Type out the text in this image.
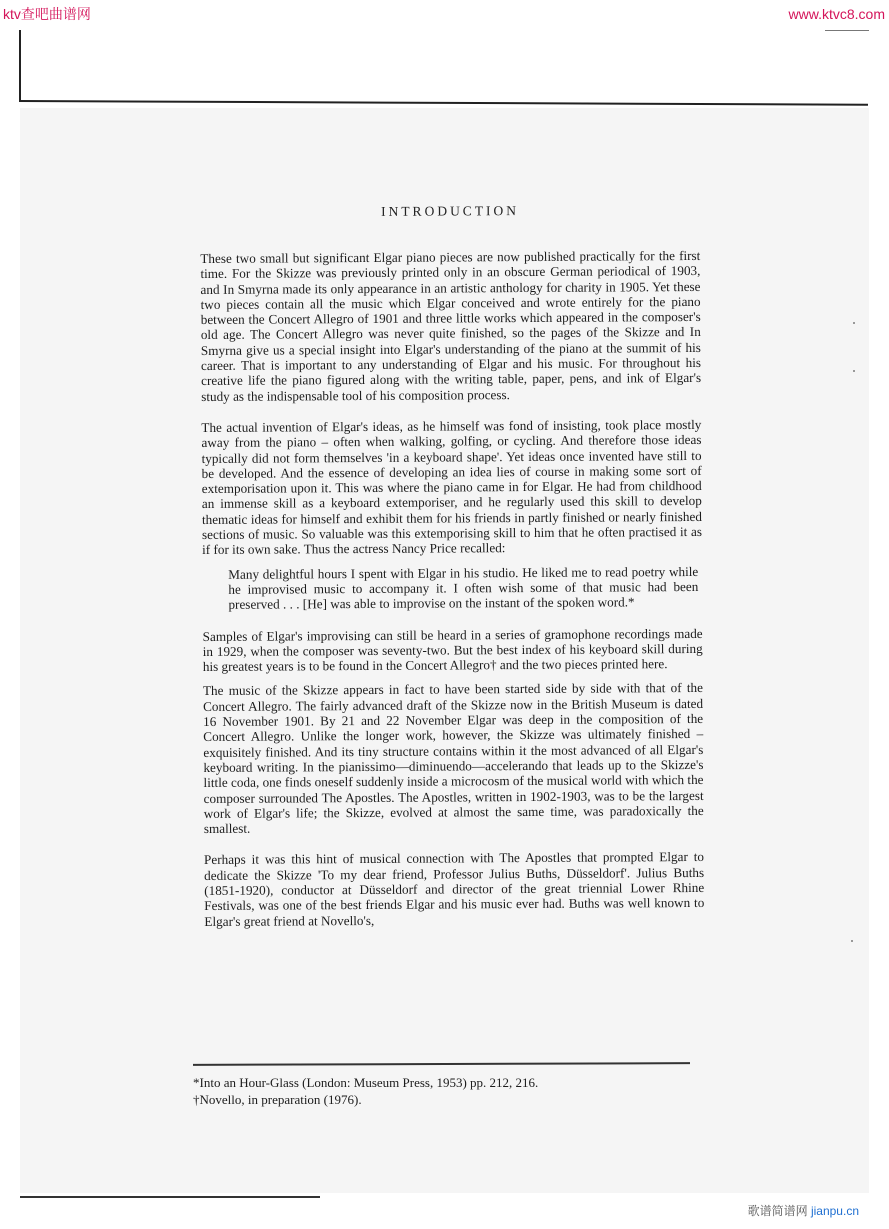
ktv查吧曲谱网	www.ktvc8.com

INTRODUCTION

These two small but significant Elgar piano pieces are now published practically for the first time. For the Skizze was previously printed only in an obscure German periodical of 1903, and In Smyrna made its only appearance in an artistic anthology for charity in 1905. Yet these two pieces contain all the music which Elgar conceived and wrote entirely for the piano between the Concert Allegro of 1901 and three little works which appeared in the composer's old age. The Concert Allegro was never quite finished, so the pages of the Skizze and In Smyrna give us a special insight into Elgar's understanding of the piano at the summit of his career. That is important to any understanding of Elgar and his music. For throughout his creative life the piano figured along with the writing table, paper, pens, and ink of Elgar's study as the indispensable tool of his composition process.

The actual invention of Elgar's ideas, as he himself was fond of insisting, took place mostly away from the piano – often when walking, golfing, or cycling. And therefore those ideas typically did not form themselves 'in a keyboard shape'. Yet ideas once invented have still to be developed. And the essence of developing an idea lies of course in making some sort of extemporisation upon it. This was where the piano came in for Elgar. He had from childhood an immense skill as a keyboard extemporiser, and he regularly used this skill to develop thematic ideas for himself and exhibit them for his friends in partly finished or nearly finished sections of music. So valuable was this extemporising skill to him that he often practised it as if for its own sake. Thus the actress Nancy Price recalled:

Many delightful hours I spent with Elgar in his studio. He liked me to read poetry while he improvised music to accompany it. I often wish some of that music had been preserved . . . [He] was able to improvise on the instant of the spoken word.*

Samples of Elgar's improvising can still be heard in a series of gramophone recordings made in 1929, when the composer was seventy-two. But the best index of his keyboard skill during his greatest years is to be found in the Concert Allegro† and the two pieces printed here.

The music of the Skizze appears in fact to have been started side by side with that of the Concert Allegro. The fairly advanced draft of the Skizze now in the British Museum is dated 16 November 1901. By 21 and 22 November Elgar was deep in the composition of the Concert Allegro. Unlike the longer work, however, the Skizze was ultimately finished – exquisitely finished. And its tiny structure contains within it the most advanced of all Elgar's keyboard writing. In the pianissimo—diminuendo—accelerando that leads up to the Skizze's little coda, one finds oneself suddenly inside a microcosm of the musical world with which the composer surrounded The Apostles. The Apostles, written in 1902-1903, was to be the largest work of Elgar's life; the Skizze, evolved at almost the same time, was paradoxically the smallest.

Perhaps it was this hint of musical connection with The Apostles that prompted Elgar to dedicate the Skizze 'To my dear friend, Professor Julius Buths, Düsseldorf'. Julius Buths (1851-1920), conductor at Düsseldorf and director of the great triennial Lower Rhine Festivals, was one of the best friends Elgar and his music ever had. Buths was well known to Elgar's great friend at Novello's,

*Into an Hour-Glass (London: Museum Press, 1953) pp. 212, 216.

†Novello, in preparation (1976).

歌谱简谱网 jianpu.cn
